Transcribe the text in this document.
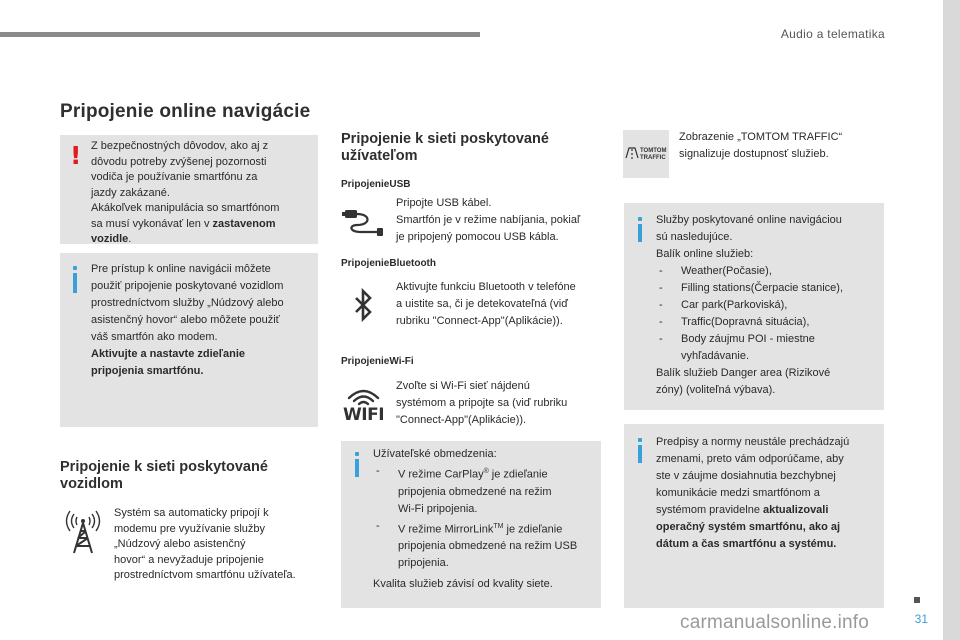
Audio a telematika
Pripojenie online navigácie
! Z bezpečnostných dôvodov, ako aj z
dôvodu potreby zvýšenej pozornosti
vodiča je používanie smartfónu za
jazdy zakázané.
Akákoľvek manipulácia so smartfónom
sa musí vykonávať len v zastavenom
vozidle.
Pre prístup k online navigácii môžete
použiť pripojenie poskytované vozidlom
prostredníctvom služby „Núdzový alebo
asistenčný hovor“ alebo môžete použiť
váš smartfón ako modem.
Aktivujte a nastavte zdieľanie
pripojenia smartfónu.
Pripojenie k sieti poskytované
vozidlom
Systém sa automaticky pripojí k
modemu pre využívanie služby
„Núdzový alebo asistenčný
hovor“ a nevyžaduje pripojenie
prostredníctvom smartfónu užívateľa.
Pripojenie k sieti poskytované
užívateľom
PripojenieUSB
Pripojte USB kábel.
Smartfón je v režime nabíjania, pokiaľ
je pripojený pomocou USB kábla.
PripojenieBluetooth
Aktivujte funkciu Bluetooth v telefóne
a uistite sa, či je detekovateľná (viď
rubriku "Connect-App"(Aplikácie)).
PripojenieWi-Fi
WIFI
Zvoľte si Wi-Fi sieť nájdenú
systémom a pripojte sa (viď rubriku
"Connect-App"(Aplikácie)).
Užívateľské obmedzenia:
- V režime CarPlay® je zdieľanie
pripojenia obmedzené na režim
Wi-Fi pripojenia.
- V režime MirrorLink™ je zdieľanie
pripojenia obmedzené na režim USB
pripojenia.
Kvalita služieb závisí od kvality siete.
TOMTOM
TRAFFIC
Zobrazenie „TOMTOM TRAFFIC“
signalizuje dostupnosť služieb.
Služby poskytované online navigáciou
sú nasledujúce.
Balík online služieb:
- Weather(Počasie),
- Filling stations(Čerpacie stanice),
- Car park(Parkoviská),
- Traffic(Dopravná situácia),
- Body záujmu POI - miestne
vyhľadávanie.
Balík služieb Danger area (Rizikové
zóny) (voliteľná výbava).
Predpisy a normy neustále prechádzajú
zmenami, preto vám odporúčame, aby
ste v záujme dosiahnutia bezchybnej
komunikácie medzi smartfónom a
systémom pravidelne aktualizovali
operačný systém smartfónu, ako aj
dátum a čas smartfónu a systému.
carmanualsonline.info	31
